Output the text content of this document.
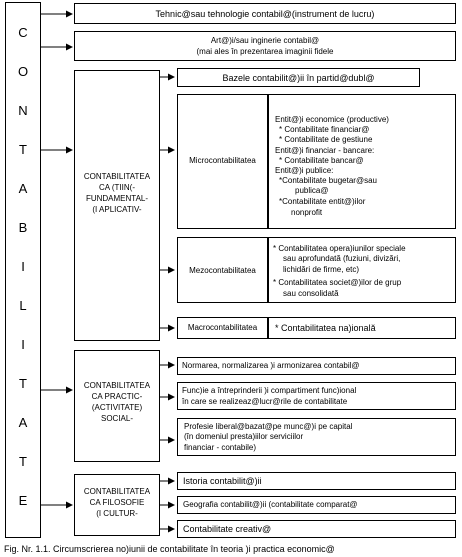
C
O
N
T
A
B
I
L
I
T
A
T
E
Tehnic@sau tehnologie contabil@(instrument de lucru)
Art@)i/sau inginerie contabil@
(mai ales în prezentarea imaginii fidele
CONTABILITATEA
CA (TIIN(-
FUNDAMENTAL-
(I APLICATIV-
Bazele contabilit@)ii în partid@dubl@
Microcontabilitatea
Entit@)i economice (productive)
* Contabilitate financiar@
* Contabilitate de gestiune
Entit@)i financiar - bancare:
* Contabilitate bancar@
Entit@)i publice:
*Contabilitate bugetar@sau
publica@
*Contabilitate entit@)ilor
nonprofit
Mezocontabilitatea
* Contabilitatea opera)iunilor speciale
sau aprofundată (fuziuni, divizări,
lichidări de firme, etc)
* Contabilitatea societ@)ilor de grup
sau consolidată
Macrocontabilitatea	* Contabilitatea na)ională
CONTABILITATEA
CA PRACTIC-
(ACTIVITATE)
SOCIAL-
Normarea, normalizarea )i armonizarea contabil@
Func)ie a întreprinderii )i compartiment func)ional
în care se realizeaz@lucr@rile de contabilitate
Profesie liberal@bazat@pe munc@)i pe capital
(în domeniul presta)iilor serviciilor
financiar - contabile)
CONTABILITATEA
CA FILOSOFIE
(I CULTUR-
Istoria contabilit@)ii
Geografia contabilit@)ii (contabilitate comparat@
Contabilitate creativ@
Fig. Nr. 1.1. Circumscrierea no)iunii de contabilitate în teoria )i practica economic@
